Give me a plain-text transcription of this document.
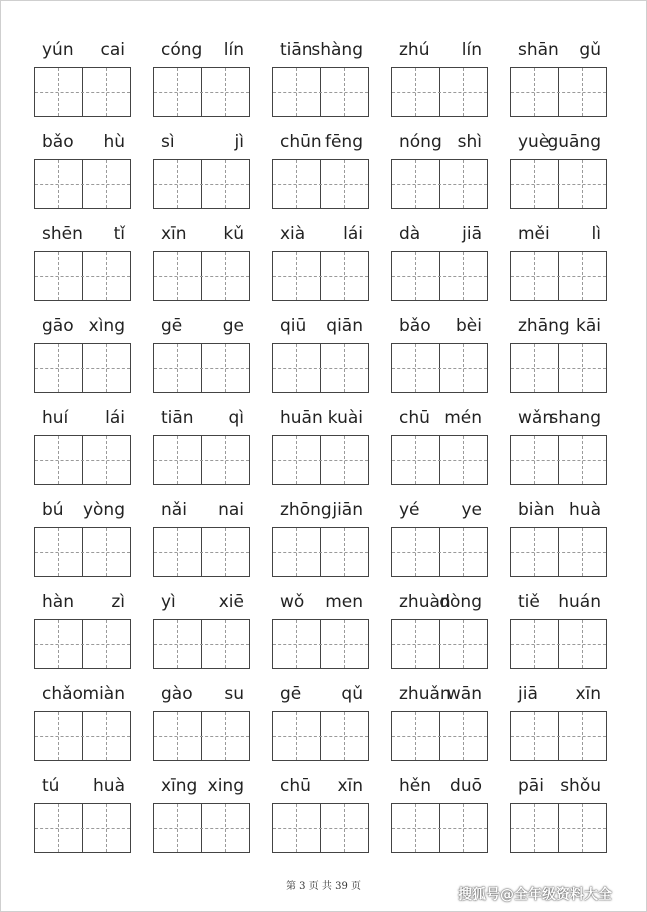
yún cai cóng lín tiān
shàng zhú lín shān gǔ
bǎo hù sì	jì chūn fēng nóng shì yuè
guāng
shēn tǐ xīn kǔ xià lái dà jiā měi lì
gāo xìng gē ge qiū qiān bǎo bèi zhāng kāi
huí lái tiān qì huān kuài chū mén wǎn
shang
bú yòng nǎi nai zhōng jiān yé ye biàn huà
hàn zì yì	xiē wǒ men zhuàn
dòng tiě huán
chǎo miàn gào su gē qǔ zhuǎn
wān jiā xīn
tú huà xīng xing chū xīn hěn duō pāi shǒu
第 3 页 共 39 页
搜狐号@全年级资料大全
